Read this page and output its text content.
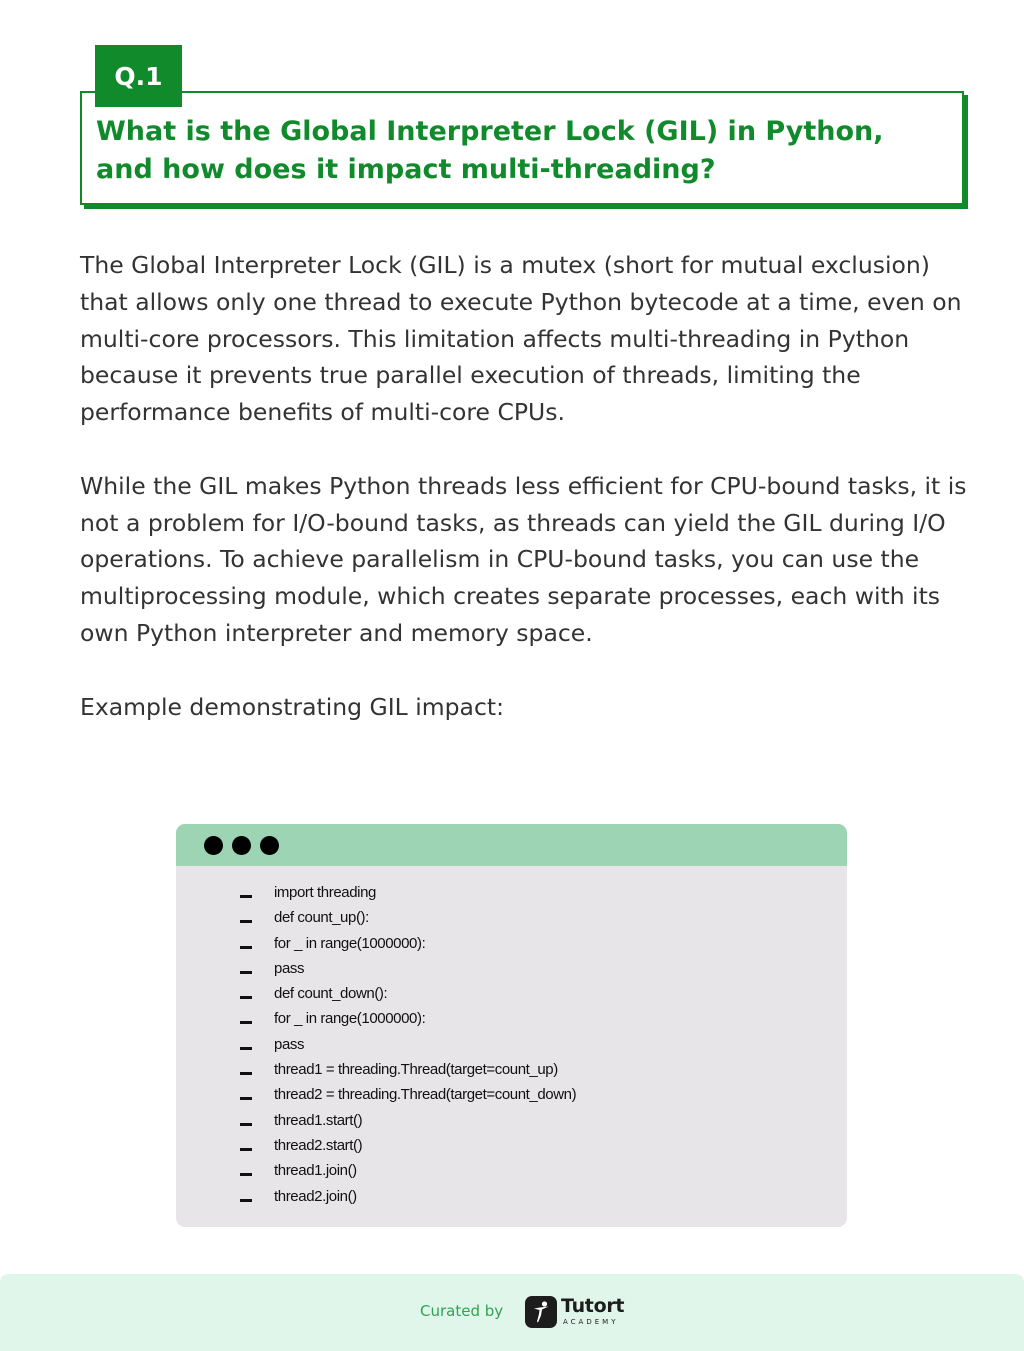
Q.1
What is the Global Interpreter Lock (GIL) in Python, and how does it impact multi-threading?

The Global Interpreter Lock (GIL) is a mutex (short for mutual exclusion) that allows only one thread to execute Python bytecode at a time, even on multi-core processors. This limitation affects multi-threading in Python because it prevents true parallel execution of threads, limiting the performance benefits of multi-core CPUs.

While the GIL makes Python threads less efficient for CPU-bound tasks, it is not a problem for I/O-bound tasks, as threads can yield the GIL during I/O operations. To achieve parallelism in CPU-bound tasks, you can use the multiprocessing module, which creates separate processes, each with its own Python interpreter and memory space.

Example demonstrating GIL impact:

import threading
def count_up():
for _ in range(1000000):
pass
def count_down():
for _ in range(1000000):
pass
thread1 = threading.Thread(target=count_up)
thread2 = threading.Thread(target=count_down)
thread1.start()
thread2.start()
thread1.join()
thread2.join()
Curated by	Tutort
ACADEMY
